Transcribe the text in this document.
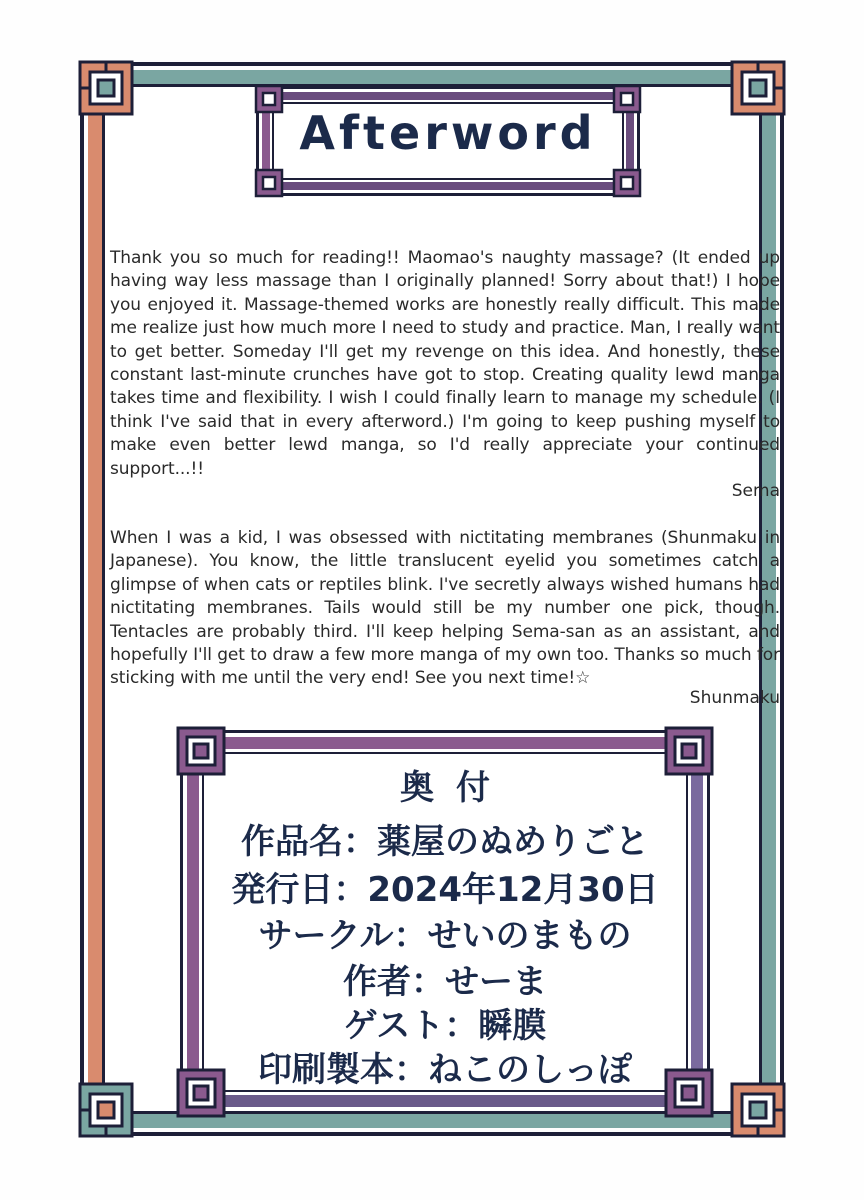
Afterword
Thank you so much for reading!! Maomao's naughty massage? (It ended up having way less massage than I originally planned! Sorry about that!) I hope you enjoyed it. Massage-themed works are honestly really difficult. This made me realize just how much more I need to study and practice. Man, I really want to get better. Someday I'll get my revenge on this idea. And honestly, these constant last-minute crunches have got to stop. Creating quality lewd manga takes time and flexibility. I wish I could finally learn to manage my schedule. (I think I've said that in every afterword.) I'm going to keep pushing myself to make even better lewd manga, so I'd really appreciate your continued support...!!
Sema
When I was a kid, I was obsessed with nictitating membranes (Shunmaku in Japanese). You know, the little translucent eyelid you sometimes catch a glimpse of when cats or reptiles blink. I've secretly always wished humans had nictitating membranes. Tails would still be my number one pick, though. Tentacles are probably third. I'll keep helping Sema-san as an assistant, and hopefully I'll get to draw a few more manga of my own too. Thanks so much for sticking with me until the very end! See you next time!☆
Shunmaku
奥付
作品名：薬屋のぬめりごと
発行日：2024年12月30日
サークル：せいのまもの
作者：せーま
ゲスト：瞬膜
印刷製本：ねこのしっぽ
